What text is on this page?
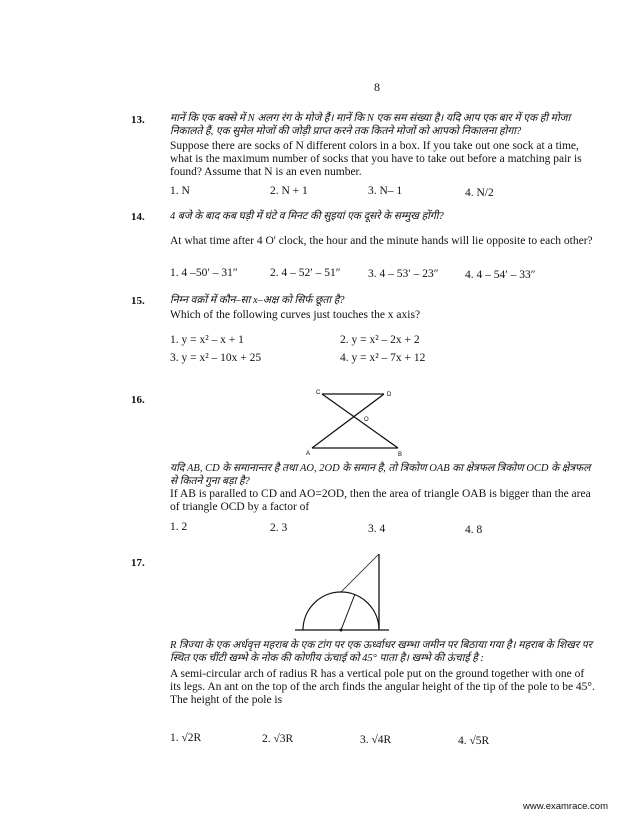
8
13. मानें कि एक बक्से में N अलग रंग के मोजे हैं। मानें कि N एक सम संख्या है। यदि आप एक बार में एक ही मोजा निकालते हैं, एक सुमेल मोजों की जोड़ी प्राप्त करने तक कितने मोजों को आपको निकालना होगा?
Suppose there are socks of N different colors in a box. If you take out one sock at a time, what is the maximum number of socks that you have to take out before a matching pair is found? Assume that N is an even number.
1. N	2. N + 1	3. N– 1	4. N/2
14. 4 बजे के बाद कब घड़ी में घंटे व मिनट की सुइयां एक दूसरे के सम्मुख होंगी?
At what time after 4 O' clock, the hour and the minute hands will lie opposite to each other?
1. 4 –50′ – 31″	2. 4 – 52′ – 51″ 3. 4 – 53′ – 23″ 4. 4 – 54′ – 33″
15. निम्न वक्रों में कौन–सा x–अक्ष को सिर्फ छूता है?
Which of the following curves just touches the x axis?
1. y = x² – x + 1	2. y = x² – 2x + 2
3. y = x² – 10x + 25	4. y = x² – 7x + 12
16.
C	D
O
A	B
यदि AB, CD के समानान्तर है तथा AO, 2OD के समान है, तो त्रिकोण OAB का क्षेत्रफल त्रिकोण OCD के क्षेत्रफल से कितने गुना बड़ा है?
If AB is paralled to CD and AO=2OD, then the area of triangle OAB is bigger than the area of triangle OCD by a factor of
1. 2	2. 3	3. 4	4. 8
17.
R त्रिज्या के एक अर्धवृत्त महराब के एक टांग पर एक ऊर्ध्वाधर खम्भा जमीन पर बिठाया गया है। महराब के शिखर पर स्थित एक चींटी खम्भे के नोक की कोणीय ऊंचाई को 45° पाता है। खम्भे की ऊंचाई है :
A semi-circular arch of radius R has a vertical pole put on the ground together with one of its legs. An ant on the top of the arch finds the angular height of the tip of the pole to be 45°. The height of the pole is
1. √2R	2. √3R	3. √4R	4. √5R
www.examrace.com
